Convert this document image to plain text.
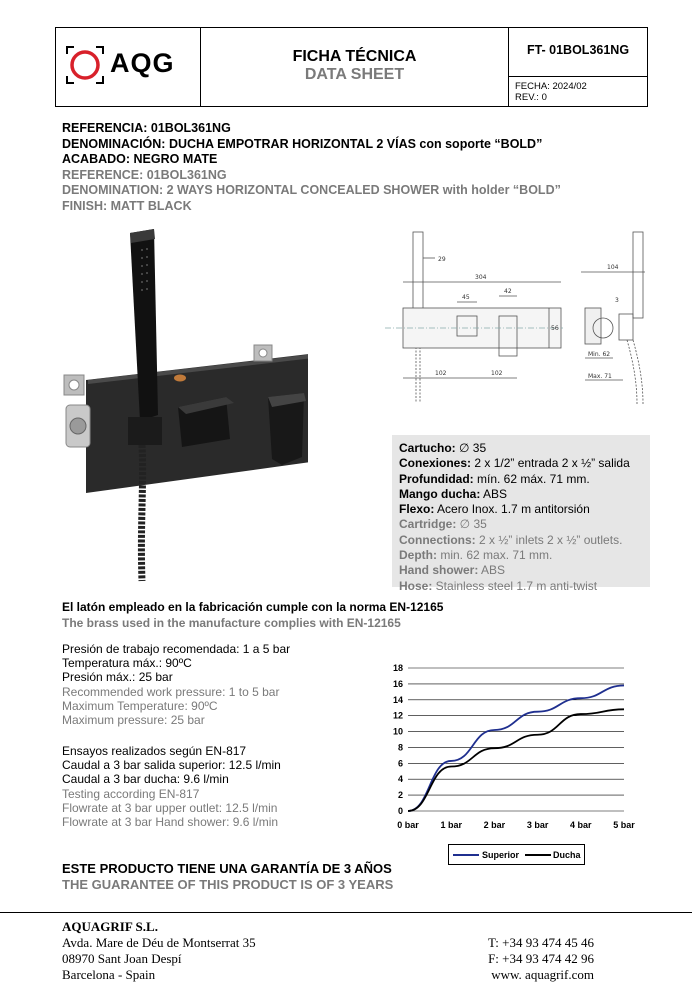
AQG	FICHA TÉCNICA
DATA SHEET
FT- 01BOL361NG
FECHA: 2024/02
REV.: 0
REFERENCIA: 01BOL361NG
DENOMINACIÓN: DUCHA EMPOTRAR HORIZONTAL 2 VÍAS con soporte “BOLD”
ACABADO: NEGRO MATE
REFERENCE: 01BOL361NG
DENOMINATION: 2 WAYS HORIZONTAL CONCEALED SHOWER with holder “BOLD”
FINISH: MATT BLACK
29
304
45
42
56
102	102
104
3
Min. 62
Max. 71
Cartucho: ∅ 35
Conexiones: 2 x 1/2” entrada 2 x ½” salida
Profundidad: mín. 62 máx. 71 mm.
Mango ducha: ABS
Flexo: Acero Inox. 1.7 m antitorsión
Cartridge: ∅ 35
Connections: 2 x ½” inlets 2 x ½” outlets.
Depth: min. 62 max. 71 mm.
Hand shower: ABS
Hose: Stainless steel 1.7 m anti-twist
El latón empleado en la fabricación cumple con la norma EN-12165
The brass used in the manufacture complies with EN-12165
Presión de trabajo recomendada: 1 a 5 bar
Temperatura máx.: 90ºC
Presión máx.: 25 bar
Recommended work pressure: 1 to 5 bar
Maximum Temperature: 90ºC
Maximum pressure: 25 bar
Ensayos realizados según EN-817
Caudal a 3 bar salida superior: 12.5 l/min
Caudal a 3 bar ducha: 9.6 l/min
Testing according EN-817
Flowrate at 3 bar upper outlet: 12.5 l/min
Flowrate at 3 bar Hand shower: 9.6 l/min
0
2
4
6
8
10
12
14
16
18
0 bar 1 bar 2 bar 3 bar 4 bar 5 bar
Superior	Ducha
ESTE PRODUCTO TIENE UNA GARANTÍA DE 3 AÑOS
THE GUARANTEE OF THIS PRODUCT IS OF 3 YEARS
AQUAGRIF S.L.
Avda. Mare de Déu de Montserrat 35
08970 Sant Joan Despí
Barcelona - Spain
T: +34 93 474 45 46
F: +34 93 474 42 96
www. aquagrif.com
